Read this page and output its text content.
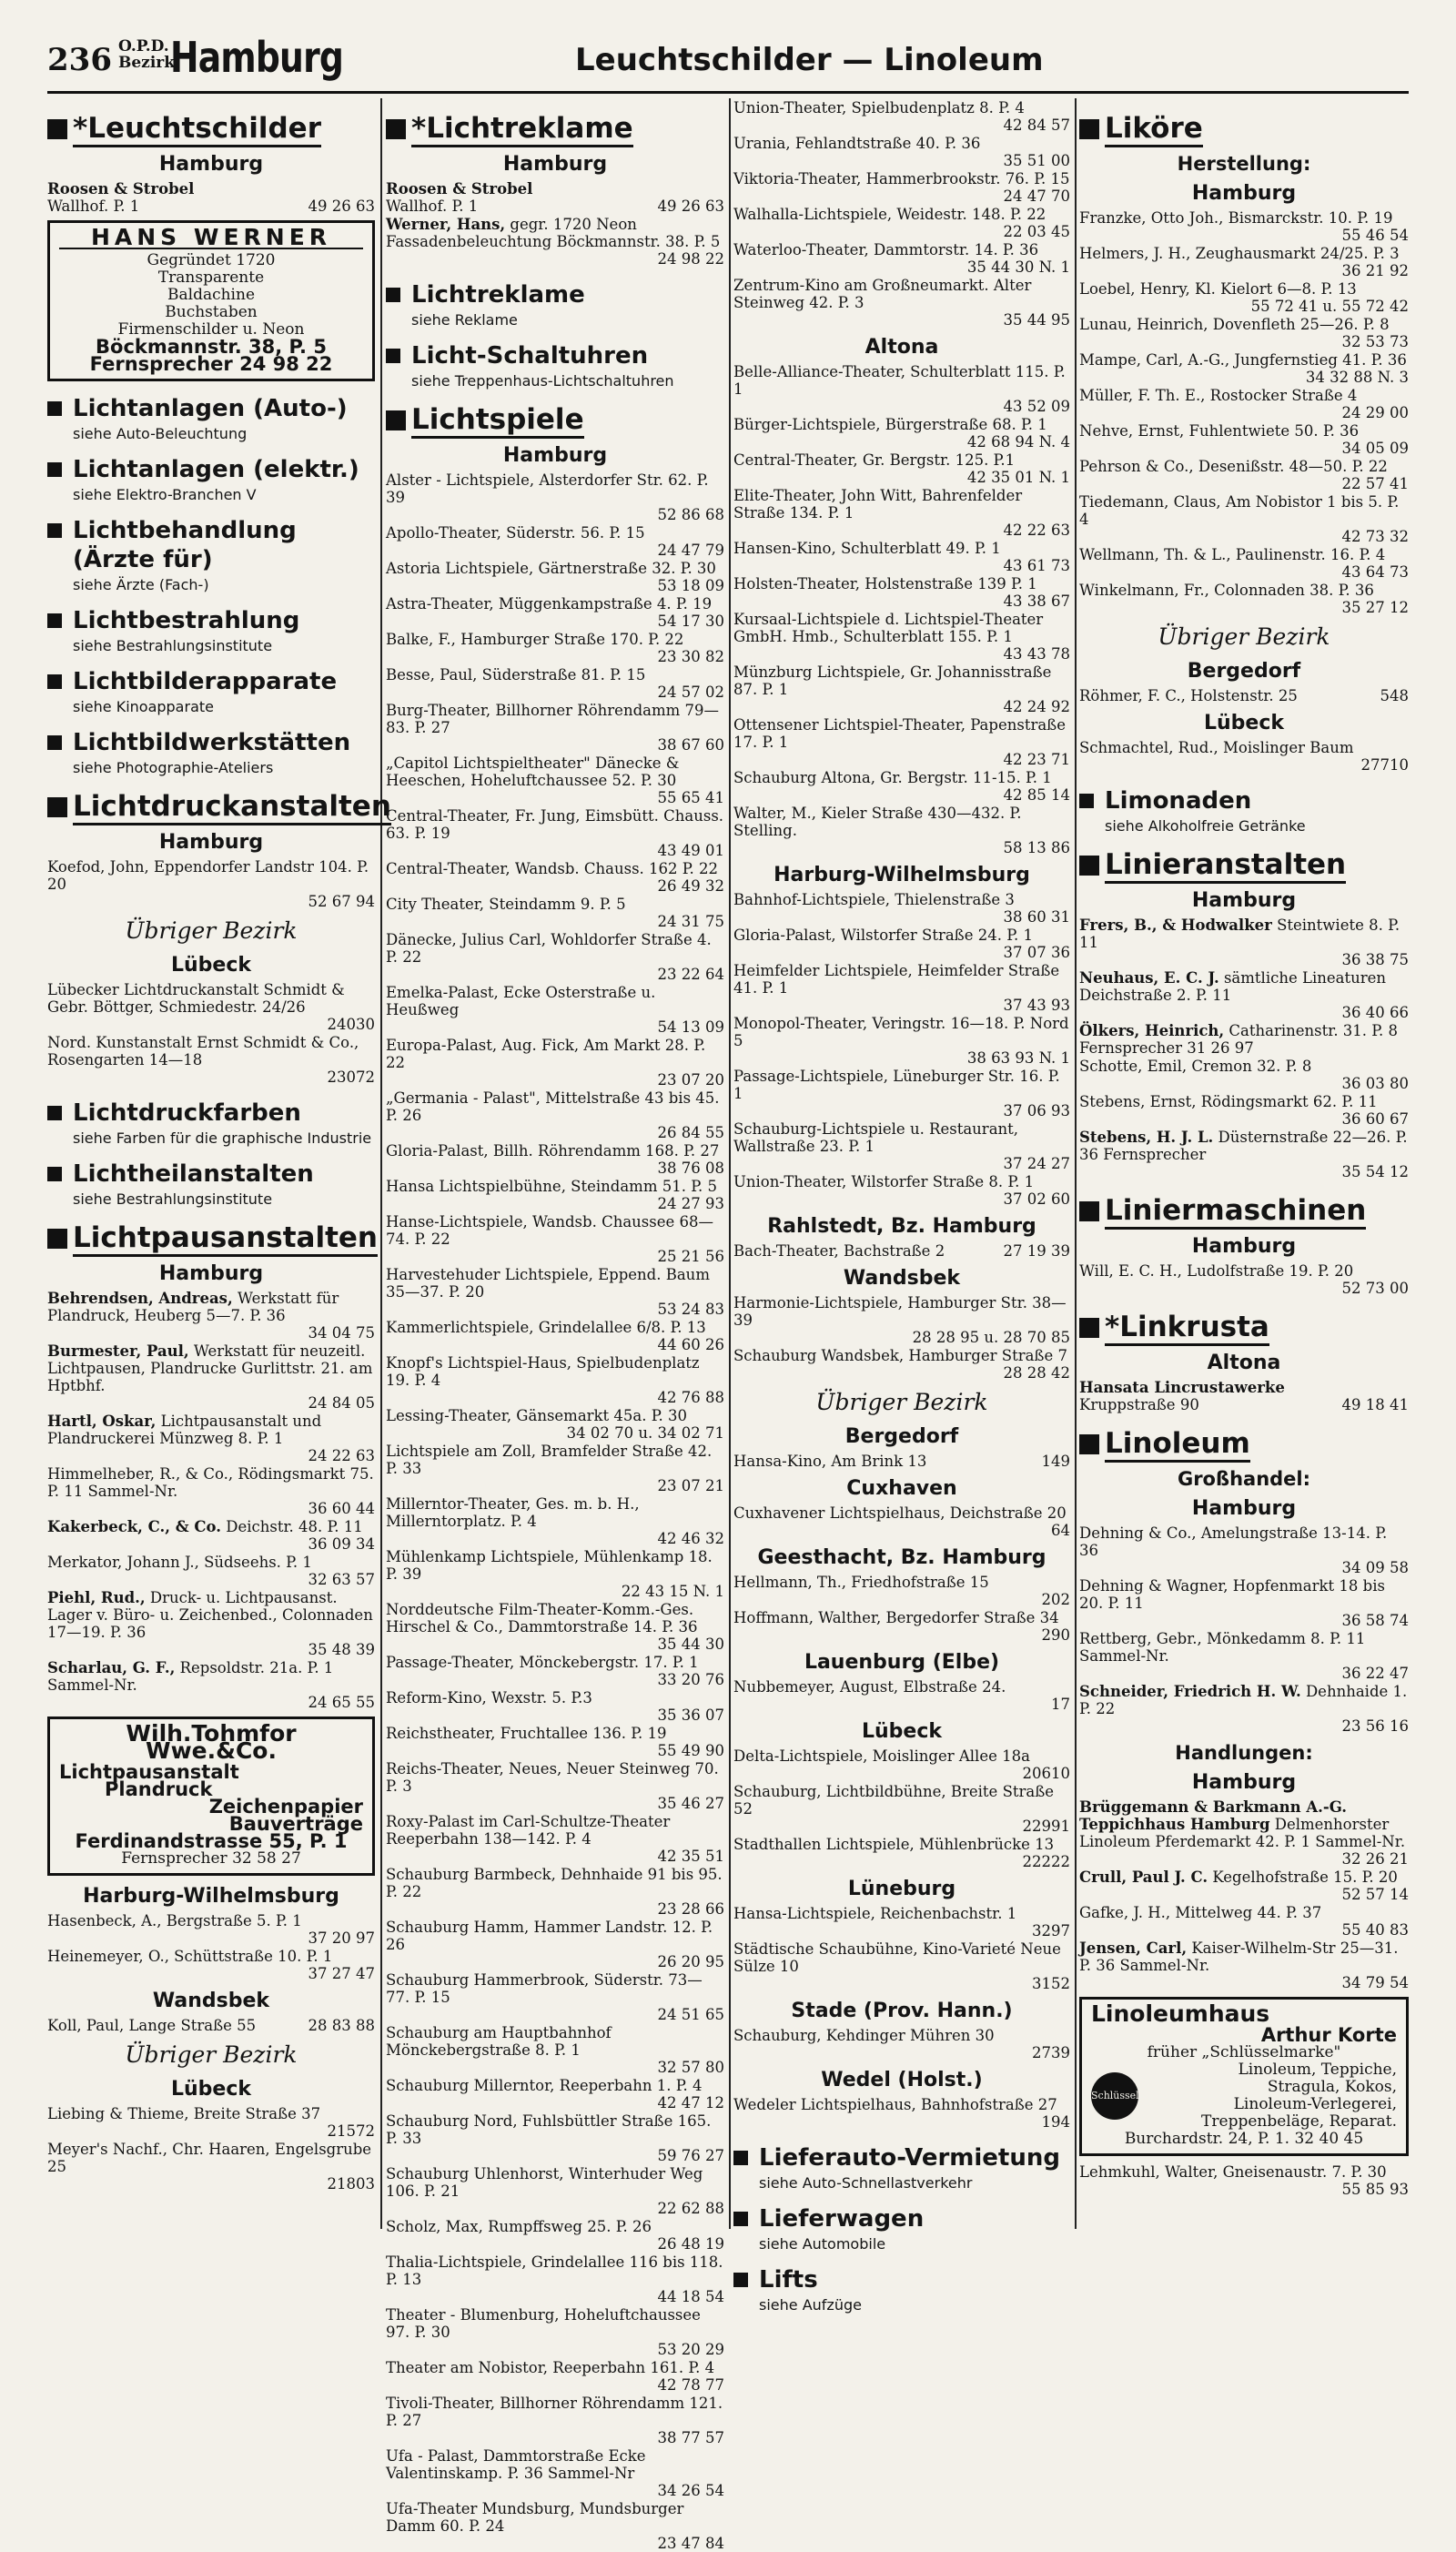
236 O.P.D.
Bezirk
Hamburg	Leuchtschilder — Linoleum
*Leuchtschilder
Hamburg
Roosen & Strobel
Wallhof. P. 1	49 26 63
HANS WERNER
Gegründet 1720
Transparente
Baldachine
Buchstaben
Firmenschilder u. Neon
Böckmannstr. 38, P. 5
Fernsprecher 24 98 22
Lichtanlagen (Auto-)
siehe Auto-Beleuchtung
Lichtanlagen (elektr.)
siehe Elektro-Branchen V
Lichtbehandlung
(Ärzte für)
siehe Ärzte (Fach-)
Lichtbestrahlung
siehe Bestrahlungsinstitute
Lichtbilderapparate
siehe Kinoapparate
Lichtbildwerkstätten
siehe Photographie-Ateliers
Lichtdruckanstalten
Hamburg
Koefod, John, Eppendorfer Landstr 104. P. 20
52 67 94
Übriger Bezirk
Lübeck
Lübecker Lichtdruckanstalt Schmidt & Gebr. Böttger, Schmiedestr. 24/26
24030
Nord. Kunstanstalt Ernst Schmidt & Co., Rosengarten 14—18
23072
Lichtdruckfarben
siehe Farben für die graphische Industrie
Lichtheilanstalten
siehe Bestrahlungsinstitute
Lichtpausanstalten
Hamburg
Behrendsen, Andreas, Werkstatt für Plandruck, Heuberg 5—7. P. 36
34 04 75
Burmester, Paul, Werkstatt für neuzeitl. Lichtpausen, Plandrucke Gurlittstr. 21. am Hptbhf.
24 84 05
Hartl, Oskar, Lichtpausanstalt und Plandruckerei Münzweg 8. P. 1
24 22 63
Himmelheber, R., & Co., Rödingsmarkt 75. P. 11 Sammel-Nr.
36 60 44
Kakerbeck, C., & Co. Deichstr. 48. P. 11
36 09 34
Merkator, Johann J., Südseehs. P. 1
32 63 57
Piehl, Rud., Druck- u. Lichtpausanst. Lager v. Büro- u. Zeichenbed., Colonnaden 17—19. P. 36
35 48 39
Scharlau, G. F., Repsoldstr. 21a. P. 1 Sammel-Nr.
24 65 55
Wilh.Tohmfor Wwe.&Co.
Lichtpausanstalt
Plandruck
Zeichenpapier
Bauverträge
Ferdinandstrasse 55, P. 1
Fernsprecher 32 58 27
Harburg-Wilhelmsburg
Hasenbeck, A., Bergstraße 5. P. 1
37 20 97
Heinemeyer, O., Schüttstraße 10. P. 1
37 27 47
Wandsbek
Koll, Paul, Lange Straße 55	28 83 88
Übriger Bezirk
Lübeck
Liebing & Thieme, Breite Straße 37
21572
Meyer's Nachf., Chr. Haaren, Engelsgrube 25
21803
*Lichtreklame
Hamburg
Roosen & Strobel
Wallhof. P. 1	49 26 63
Werner, Hans, gegr. 1720 Neon Fassadenbeleuchtung Böckmannstr. 38. P. 5
24 98 22
Lichtreklame
siehe Reklame
Licht-Schaltuhren
siehe Treppenhaus-Lichtschaltuhren
Lichtspiele
Hamburg
Alster - Lichtspiele, Alsterdorfer Str. 62. P. 39
52 86 68
Apollo-Theater, Süderstr. 56. P. 15
24 47 79
Astoria Lichtspiele, Gärtnerstraße 32. P. 30
53 18 09
Astra-Theater, Müggenkampstraße 4. P. 19
54 17 30
Balke, F., Hamburger Straße 170. P. 22
23 30 82
Besse, Paul, Süderstraße 81. P. 15
24 57 02
Burg-Theater, Billhorner Röhrendamm 79—83. P. 27
38 67 60
„Capitol Lichtspieltheater" Dänecke & Heeschen, Hoheluftchaussee 52. P. 30
55 65 41
Central-Theater, Fr. Jung, Eimsbütt. Chauss. 63. P. 19
43 49 01
Central-Theater, Wandsb. Chauss. 162 P. 22
26 49 32
City Theater, Steindamm 9. P. 5
24 31 75
Dänecke, Julius Carl, Wohldorfer Straße 4. P. 22
23 22 64
Emelka-Palast, Ecke Osterstraße u. Heußweg
54 13 09
Europa-Palast, Aug. Fick, Am Markt 28. P. 22
23 07 20
„Germania - Palast", Mittelstraße 43 bis 45. P. 26
26 84 55
Gloria-Palast, Billh. Röhrendamm 168. P. 27
38 76 08
Hansa Lichtspielbühne, Steindamm 51. P. 5
24 27 93
Hanse-Lichtspiele, Wandsb. Chaussee 68—74. P. 22
25 21 56
Harvestehuder Lichtspiele, Eppend. Baum 35—37. P. 20
53 24 83
Kammerlichtspiele, Grindelallee 6/8. P. 13
44 60 26
Knopf's Lichtspiel-Haus, Spielbudenplatz 19. P. 4
42 76 88
Lessing-Theater, Gänsemarkt 45a. P. 30
34 02 70 u. 34 02 71
Lichtspiele am Zoll, Bramfelder Straße 42. P. 33
23 07 21
Millerntor-Theater, Ges. m. b. H., Millerntorplatz. P. 4
42 46 32
Mühlenkamp Lichtspiele, Mühlenkamp 18. P. 39
22 43 15 N. 1
Norddeutsche Film-Theater-Komm.-Ges. Hirschel & Co., Dammtorstraße 14. P. 36
35 44 30
Passage-Theater, Mönckebergstr. 17. P. 1
33 20 76
Reform-Kino, Wexstr. 5. P.3
35 36 07
Reichstheater, Fruchtallee 136. P. 19
55 49 90
Reichs-Theater, Neues, Neuer Steinweg 70. P. 3
35 46 27
Roxy-Palast im Carl-Schultze-Theater Reeperbahn 138—142. P. 4
42 35 51
Schauburg Barmbeck, Dehnhaide 91 bis 95. P. 22
23 28 66
Schauburg Hamm, Hammer Landstr. 12. P. 26
26 20 95
Schauburg Hammerbrook, Süderstr. 73—77. P. 15
24 51 65
Schauburg am Hauptbahnhof Mönckebergstraße 8. P. 1
32 57 80
Schauburg Millerntor, Reeperbahn 1. P. 4
42 47 12
Schauburg Nord, Fuhlsbüttler Straße 165. P. 33
59 76 27
Schauburg Uhlenhorst, Winterhuder Weg 106. P. 21
22 62 88
Scholz, Max, Rumpffsweg 25. P. 26
26 48 19
Thalia-Lichtspiele, Grindelallee 116 bis 118. P. 13
44 18 54
Theater - Blumenburg, Hoheluftchaussee 97. P. 30
53 20 29
Theater am Nobistor, Reeperbahn 161. P. 4
42 78 77
Tivoli-Theater, Billhorner Röhrendamm 121. P. 27
38 77 57
Ufa - Palast, Dammtorstraße Ecke Valentinskamp. P. 36 Sammel-Nr
34 26 54
Ufa-Theater Mundsburg, Mundsburger Damm 60. P. 24
23 47 84
Union-Theater, Spielbudenplatz 8. P. 4
42 84 57
Urania, Fehlandtstraße 40. P. 36
35 51 00
Viktoria-Theater, Hammerbrookstr. 76. P. 15
24 47 70
Walhalla-Lichtspiele, Weidestr. 148. P. 22
22 03 45
Waterloo-Theater, Dammtorstr. 14. P. 36
35 44 30 N. 1
Zentrum-Kino am Großneumarkt. Alter Steinweg 42. P. 3
35 44 95
Altona
Belle-Alliance-Theater, Schulterblatt 115. P. 1
43 52 09
Bürger-Lichtspiele, Bürgerstraße 68. P. 1
42 68 94 N. 4
Central-Theater, Gr. Bergstr. 125. P.1
42 35 01 N. 1
Elite-Theater, John Witt, Bahrenfelder Straße 134. P. 1
42 22 63
Hansen-Kino, Schulterblatt 49. P. 1
43 61 73
Holsten-Theater, Holstenstraße 139 P. 1
43 38 67
Kursaal-Lichtspiele d. Lichtspiel-Theater GmbH. Hmb., Schulterblatt 155. P. 1
43 43 78
Münzburg Lichtspiele, Gr. Johannisstraße 87. P. 1
42 24 92
Ottensener Lichtspiel-Theater, Papenstraße 17. P. 1
42 23 71
Schauburg Altona, Gr. Bergstr. 11-15. P. 1
42 85 14
Walter, M., Kieler Straße 430—432. P. Stelling.
58 13 86
Harburg-Wilhelmsburg
Bahnhof-Lichtspiele, Thielenstraße 3
38 60 31
Gloria-Palast, Wilstorfer Straße 24. P. 1
37 07 36
Heimfelder Lichtspiele, Heimfelder Straße 41. P. 1
37 43 93
Monopol-Theater, Veringstr. 16—18. P. Nord 5
38 63 93 N. 1
Passage-Lichtspiele, Lüneburger Str. 16. P. 1
37 06 93
Schauburg-Lichtspiele u. Restaurant, Wallstraße 23. P. 1
37 24 27
Union-Theater, Wilstorfer Straße 8. P. 1
37 02 60
Rahlstedt, Bz. Hamburg
Bach-Theater, Bachstraße 2	27 19 39
Wandsbek
Harmonie-Lichtspiele, Hamburger Str. 38—39
28 28 95 u. 28 70 85
Schauburg Wandsbek, Hamburger Straße 7
28 28 42
Übriger Bezirk
Bergedorf
Hansa-Kino, Am Brink 13	149
Cuxhaven
Cuxhavener Lichtspielhaus, Deichstraße 20
64
Geesthacht, Bz. Hamburg
Hellmann, Th., Friedhofstraße 15
202
Hoffmann, Walther, Bergedorfer Straße 34
290
Lauenburg (Elbe)
Nubbemeyer, August, Elbstraße 24.
17
Lübeck
Delta-Lichtspiele, Moislinger Allee 18a
20610
Schauburg, Lichtbildbühne, Breite Straße 52
22991
Stadthallen Lichtspiele, Mühlenbrücke 13
22222
Lüneburg
Hansa-Lichtspiele, Reichenbachstr. 1
3297
Städtische Schaubühne, Kino-Varieté Neue Sülze 10
3152
Stade (Prov. Hann.)
Schauburg, Kehdinger Mühren 30
2739
Wedel (Holst.)
Wedeler Lichtspielhaus, Bahnhofstraße 27
194
Lieferauto-Vermietung
siehe Auto-Schnellastverkehr
Lieferwagen
siehe Automobile
Lifts
siehe Aufzüge
Liköre
Herstellung:
Hamburg
Franzke, Otto Joh., Bismarckstr. 10. P. 19
55 46 54
Helmers, J. H., Zeughausmarkt 24/25. P. 3
36 21 92
Loebel, Henry, Kl. Kielort 6—8. P. 13
55 72 41 u. 55 72 42
Lunau, Heinrich, Dovenfleth 25—26. P. 8
32 53 73
Mampe, Carl, A.-G., Jungfernstieg 41. P. 36
34 32 88 N. 3
Müller, F. Th. E., Rostocker Straße 4
24 29 00
Nehve, Ernst, Fuhlentwiete 50. P. 36
34 05 09
Pehrson & Co., Desenißstr. 48—50. P. 22
22 57 41
Tiedemann, Claus, Am Nobistor 1 bis 5. P. 4
42 73 32
Wellmann, Th. & L., Paulinenstr. 16. P. 4
43 64 73
Winkelmann, Fr., Colonnaden 38. P. 36
35 27 12
Übriger Bezirk
Bergedorf
Röhmer, F. C., Holstenstr. 25	548
Lübeck
Schmachtel, Rud., Moislinger Baum
27710
Limonaden
siehe Alkoholfreie Getränke
Linieranstalten
Hamburg
Frers, B., & Hodwalker Steintwiete 8. P. 11
36 38 75
Neuhaus, E. C. J. sämtliche Lineaturen Deichstraße 2. P. 11
36 40 66
Ölkers, Heinrich, Catharinenstr. 31. P. 8 Fernsprecher 31 26 97
Schotte, Emil, Cremon 32. P. 8
36 03 80
Stebens, Ernst, Rödingsmarkt 62. P. 11
36 60 67
Stebens, H. J. L. Düsternstraße 22—26. P. 36 Fernsprecher
35 54 12
Liniermaschinen
Hamburg
Will, E. C. H., Ludolfstraße 19. P. 20
52 73 00
*Linkrusta
Altona
Hansata Lincrustawerke
Kruppstraße 90	49 18 41
Linoleum
Großhandel:
Hamburg
Dehning & Co., Amelungstraße 13-14. P. 36
34 09 58
Dehning & Wagner, Hopfenmarkt 18 bis 20. P. 11
36 58 74
Rettberg, Gebr., Mönkedamm 8. P. 11 Sammel-Nr.
36 22 47
Schneider, Friedrich H. W. Dehnhaide 1. P. 22
23 56 16
Handlungen:
Hamburg
Brüggemann & Barkmann A.-G. Teppichhaus Hamburg Delmenhorster Linoleum Pferdemarkt 42. P. 1 Sammel-Nr.
32 26 21
Crull, Paul J. C. Kegelhofstraße 15. P. 20
52 57 14
Gafke, J. H., Mittelweg 44. P. 37
55 40 83
Jensen, Carl, Kaiser-Wilhelm-Str 25—31. P. 36 Sammel-Nr.
34 79 54
Linoleumhaus
Arthur Korte
früher „Schlüsselmarke"
Schlüssel
Linoleum, Teppiche,
Stragula, Kokos,
Linoleum-Verlegerei,
Treppenbeläge, Reparat.
Burchardstr. 24, P. 1. 32 40 45
Lehmkuhl, Walter, Gneisenaustr. 7. P. 30
55 85 93
